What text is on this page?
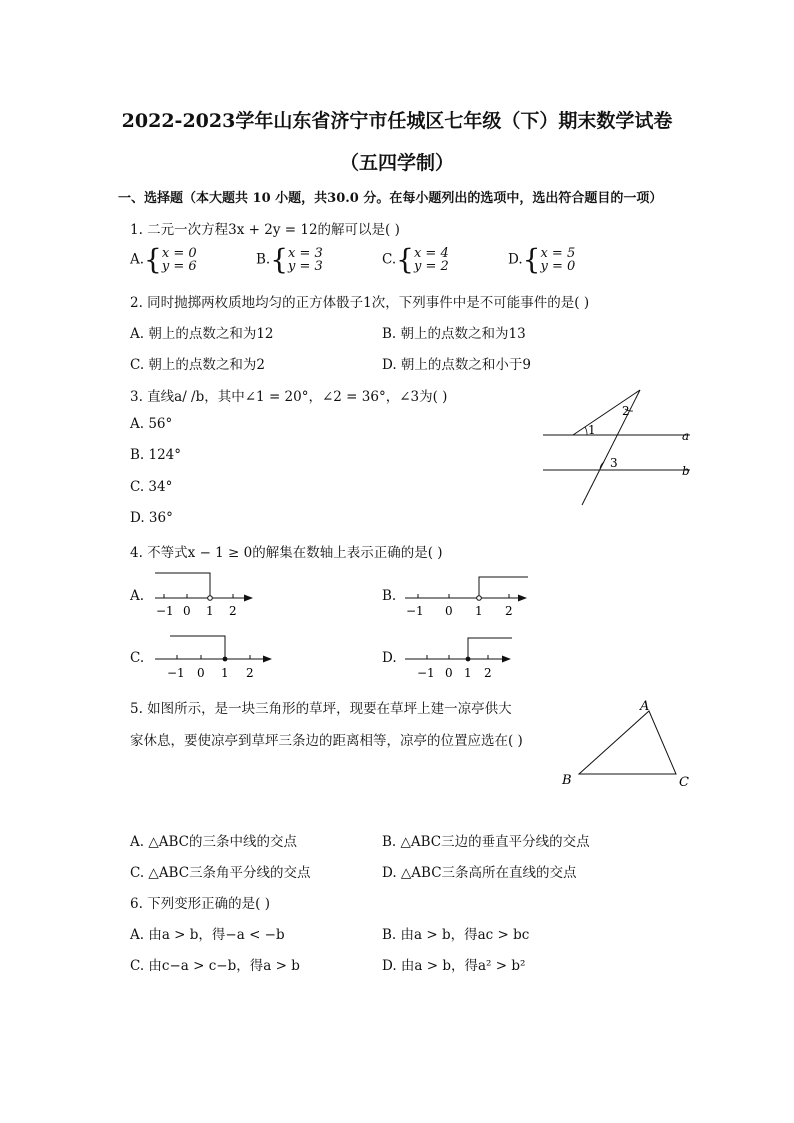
2022-2023学年山东省济宁市任城区七年级（下）期末数学试卷
（五四学制）
一、选择题（本大题共 10 小题，共30.0 分。在每小题列出的选项中，选出符合题目的一项）
1. 二元一次方程3x + 2y = 12的解可以是( )
A.{x = 0
y = 6	B.{x = 3
y = 3	C.{x = 4
y = 2	D.{x = 5
y = 0
2. 同时抛掷两枚质地均匀的正方体骰子1次，下列事件中是不可能事件的是( )
A. 朝上的点数之和为12	B. 朝上的点数之和为13
C. 朝上的点数之和为2	D. 朝上的点数之和小于9
3. 直线a/ /b，其中∠1 = 20°，∠2 = 36°，∠3为( )
A. 56°
B. 124°
C. 34°
D. 36°
2
1	a
3
b
4. 不等式x − 1 ≥ 0的解集在数轴上表示正确的是( )
A.
−1 0 1 2
B.
−1 0 1 2
C.
−1 0 1 2
D.
−1 0 1 2
5. 如图所示，是一块三角形的草坪，现要在草坪上建一凉亭供大
家休息，要使凉亭到草坪三条边的距离相等，凉亭的位置应选在( )
A
B	C
A. △ABC的三条中线的交点	B. △ABC三边的垂直平分线的交点
C. △ABC三条角平分线的交点	D. △ABC三条高所在直线的交点
6. 下列变形正确的是( )
A. 由a > b，得−a < −b	B. 由a > b，得ac > bc
C. 由c−a > c−b，得a > b	D. 由a > b，得a² > b²
